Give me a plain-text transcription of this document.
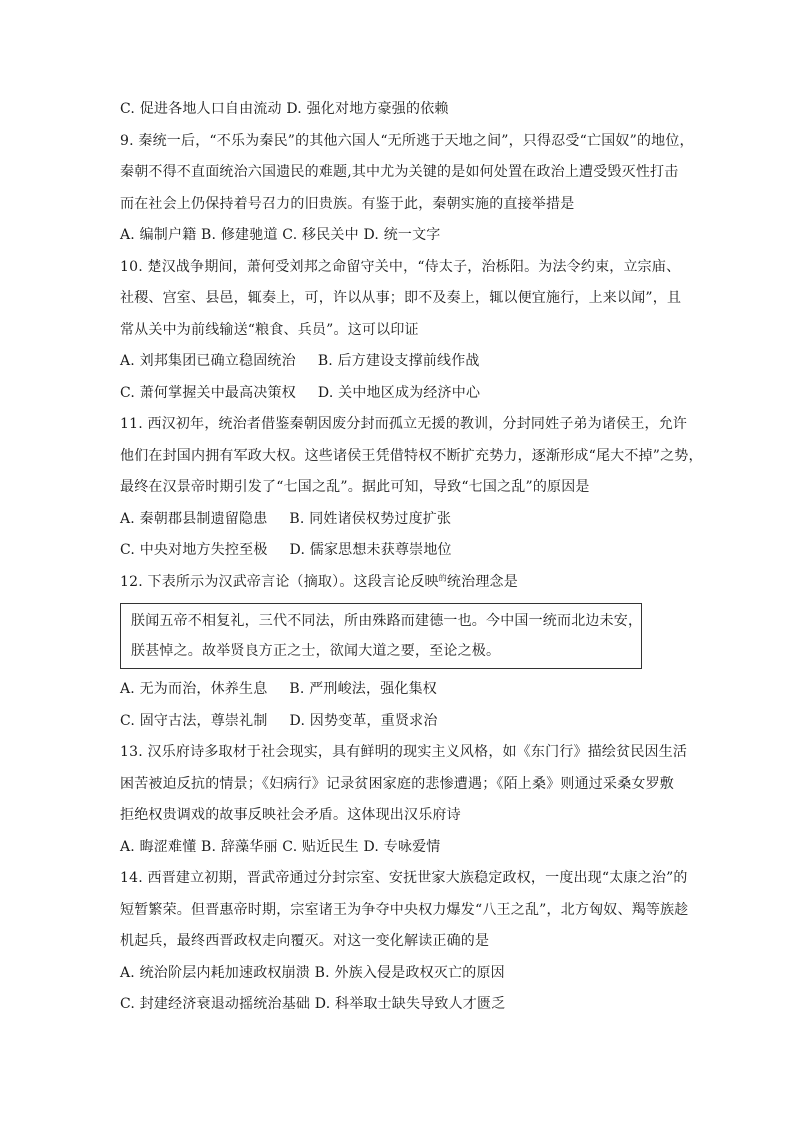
C. 促进各地人口自由流动 D. 强化对地方豪强的依赖
9. 秦统一后，“不乐为秦民”的其他六国人“无所逃于天地之间”，只得忍受“亡国奴”的地位，
秦朝不得不直面统治六国遗民的难题,其中尤为关键的是如何处置在政治上遭受毁灭性打击
而在社会上仍保持着号召力的旧贵族。有鉴于此，秦朝实施的直接举措是
A. 编制户籍 B. 修建驰道 C. 移民关中 D. 统一文字
10. 楚汉战争期间，萧何受刘邦之命留守关中，“侍太子，治栎阳。为法令约束，立宗庙、
社稷、宫室、县邑，辄奏上，可，许以从事；即不及奏上，辄以便宜施行，上来以闻”，且
常从关中为前线输送“粮食、兵员”。这可以印证
A. 刘邦集团已确立稳固统治 B. 后方建设支撑前线作战
C. 萧何掌握关中最高决策权 D. 关中地区成为经济中心
11. 西汉初年，统治者借鉴秦朝因废分封而孤立无援的教训，分封同姓子弟为诸侯王，允许
他们在封国内拥有军政大权。这些诸侯王凭借特权不断扩充势力，逐渐形成“尾大不掉”之势，
最终在汉景帝时期引发了“七国之乱”。据此可知，导致“七国之乱”的原因是
A. 秦朝郡县制遗留隐患 B. 同姓诸侯权势过度扩张
C. 中央对地方失控至极 D. 儒家思想未获尊崇地位
12. 下表所示为汉武帝言论（摘取）。这段言论反映$^的$统治理念是
朕闻五帝不相复礼，三代不同法，所由殊路而建德一也。今中国一统而北边未安，
朕甚悼之。故举贤良方正之士，欲闻大道之要，至论之极。
A. 无为而治，休养生息 B. 严刑峻法，强化集权
C. 固守古法，尊崇礼制 D. 因势变革，重贤求治
13. 汉乐府诗多取材于社会现实，具有鲜明的现实主义风格，如《东门行》描绘贫民因生活
困苦被迫反抗的情景；《妇病行》记录贫困家庭的悲惨遭遇；《陌上桑》则通过采桑女罗敷
拒绝权贵调戏的故事反映社会矛盾。这体现出汉乐府诗
A. 晦涩难懂 B. 辞藻华丽 C. 贴近民生 D. 专咏爱情
14. 西晋建立初期，晋武帝通过分封宗室、安抚世家大族稳定政权，一度出现“太康之治”的
短暂繁荣。但晋惠帝时期，宗室诸王为争夺中央权力爆发“八王之乱”，北方匈奴、羯等族趁
机起兵，最终西晋政权走向覆灭。对这一变化解读正确的是
A. 统治阶层内耗加速政权崩溃 B. 外族入侵是政权灭亡的原因
C. 封建经济衰退动摇统治基础 D. 科举取士缺失导致人才匮乏
